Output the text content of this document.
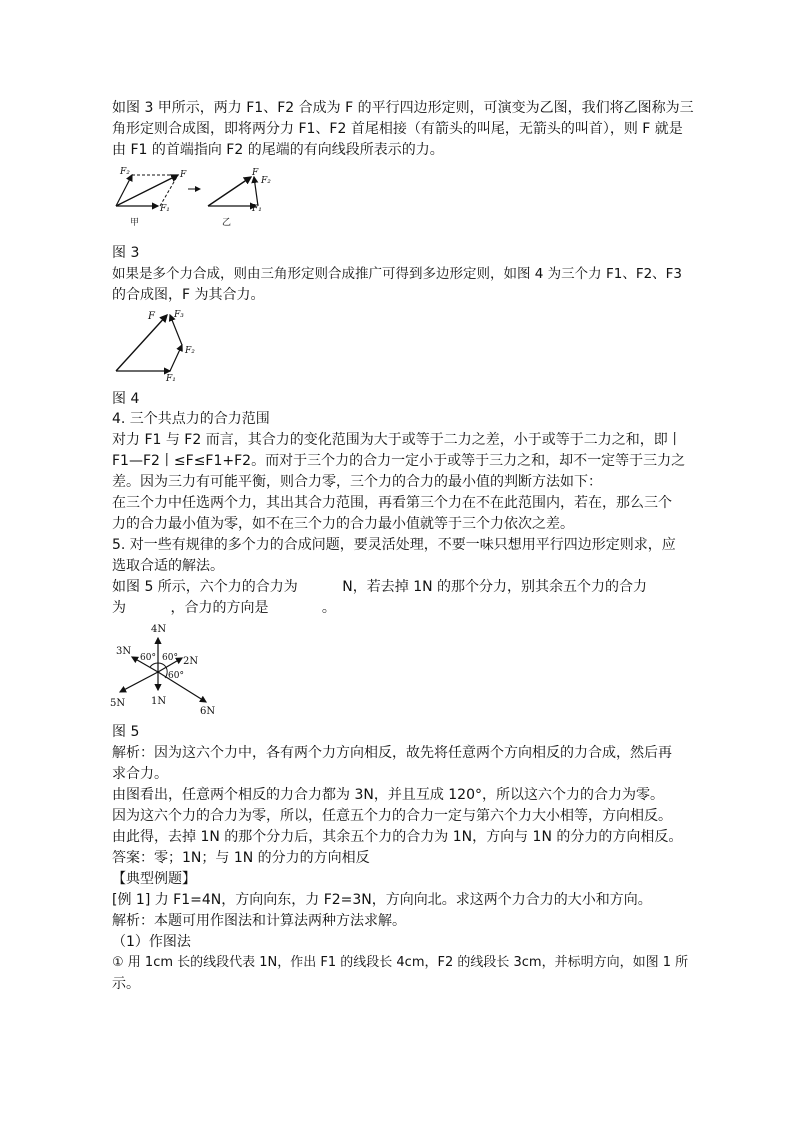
如图 3 甲所示，两力 F1、F2 合成为 F 的平行四边形定则，可演变为乙图，我们将乙图称为三
角形定则合成图，即将两分力 F1、F2 首尾相接（有箭头的叫尾，无箭头的叫首），则 F 就是
由 F1 的首端指向 F2 的尾端的有向线段所表示的力。
F₂	F
F₁
甲
F
F₂
F₁
乙
图 3
如果是多个力合成，则由三角形定则合成推广可得到多边形定则，如图 4 为三个力 F1、F2、F3
的合成图，F 为其合力。
F F₃
F₂
F₁
图 4
4. 三个共点力的合力范围
对力 F1 与 F2 而言，其合力的变化范围为大于或等于二力之差，小于或等于二力之和，即丨
F1—F2丨≤F≤F1+F2。而对于三个力的合力一定小于或等于三力之和，却不一定等于三力之
差。因为三力有可能平衡，则合力零，三个力的合力的最小值的判断方法如下：
在三个力中任选两个力，其出其合力范围，再看第三个力在不在此范围内，若在，那么三个
力的合力最小值为零，如不在三个力的合力最小值就等于三个力依次之差。
5. 对一些有规律的多个力的合成问题，要灵活处理，不要一味只想用平行四边形定则求，应
选取合适的解法。
如图 5 所示，六个力的合力为          N，若去掉 1N 的那个分力，别其余五个力的合力
为          ，合力的方向是            。
4N
3N
2N
5N	1N
6N
60° 60°
60°
图 5
解析：因为这六个力中，各有两个力方向相反，故先将任意两个方向相反的力合成，然后再
求合力。
由图看出，任意两个相反的力合力都为 3N，并且互成 120°，所以这六个力的合力为零。
因为这六个力的合力为零，所以，任意五个力的合力一定与第六个力大小相等，方向相反。
由此得，去掉 1N 的那个分力后，其余五个力的合力为 1N，方向与 1N 的分力的方向相反。
答案：零；1N；与 1N 的分力的方向相反
【典型例题】
[例 1] 力 F1=4N，方向向东，力 F2=3N，方向向北。求这两个力合力的大小和方向。
解析：本题可用作图法和计算法两种方法求解。
（1）作图法
① 用 1cm 长的线段代表 1N，作出 F1 的线段长 4cm，F2 的线段长 3cm，并标明方向，如图 1 所
示。
